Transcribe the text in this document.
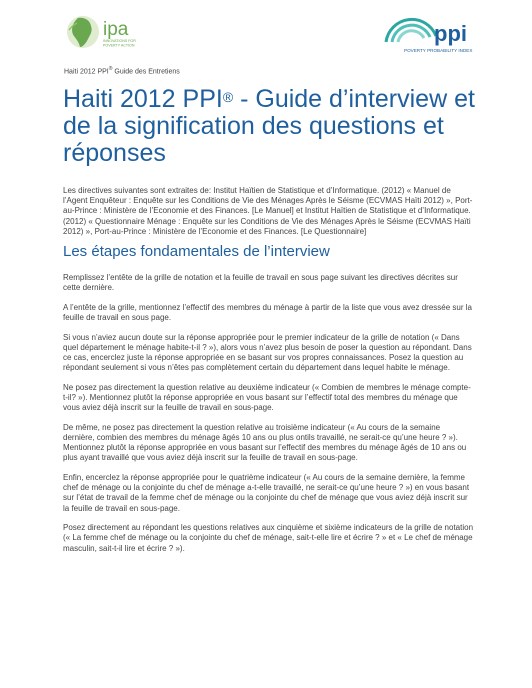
ipa
INNOVATIONS FOR
POVERTY ACTION	ppi
POVERTY PROBABILITY INDEX
Haiti 2012 PPI® Guide des Entretiens
Haiti 2012 PPI® - Guide d’interview et de la signification des questions et réponses

Les directives suivantes sont extraites de: Institut Haïtien de Statistique et d’Informatique. (2012) « Manuel de l’Agent Enquêteur : Enquête sur les Conditions de Vie des Ménages Après le Séisme (ECVMAS Haïti 2012) », Port-au-Prince : Ministère de l’Economie et des Finances. [Le Manuel] et Institut Haïtien de Statistique et d’Informatique. (2012) « Questionnaire Ménage : Enquête sur les Conditions de Vie des Ménages Après le Séisme (ECVMAS Haïti 2012) », Port-au-Prince : Ministère de l’Economie et des Finances. [Le Questionnaire]

Les étapes fondamentales de l’interview

Remplissez l’entête de la grille de notation et la feuille de travail en sous page suivant les directives décrites sur cette dernière.

A l’entête de la grille, mentionnez l’effectif des membres du ménage à partir de la liste que vous avez dressée sur la feuille de travail en sous page.

Si vous n’aviez aucun doute sur la réponse appropriée pour le premier indicateur de la grille de notation (« Dans quel département le ménage habite-t-il ? »), alors vous n’avez plus besoin de poser la question au répondant. Dans ce cas, encerclez juste la réponse appropriée en se basant sur vos propres connaissances. Posez la question au répondant seulement si vous n’êtes pas complètement certain du département dans lequel habite le ménage.

Ne posez pas directement la question relative au deuxième indicateur (« Combien de membres le ménage compte-t-il? »). Mentionnez plutôt la réponse appropriée en vous basant sur l’effectif total des membres du ménage que vous aviez déjà inscrit sur la feuille de travail en sous-page.

De même, ne posez pas directement la question relative au troisième indicateur (« Au cours de la semaine dernière, combien des membres du ménage âgés 10 ans ou plus ontils travaillé, ne serait-ce qu’une heure ? »). Mentionnez plutôt la réponse appropriée en vous basant sur l’effectif des membres du ménage âgés de 10 ans ou plus ayant travaillé que vous aviez déjà inscrit sur la feuille de travail en sous-page.

Enfin, encerclez la réponse appropriée pour le quatrième indicateur (« Au cours de la semaine dernière, la femme chef de ménage ou la conjointe du chef de ménage a-t-elle travaillé, ne serait-ce qu’une heure ? ») en vous basant sur l’état de travail de la femme chef de ménage ou la conjointe du chef de ménage que vous aviez déjà inscrit sur la feuille de travail en sous-page.

Posez directement au répondant les questions relatives aux cinquième et sixième indicateurs de la grille de notation (« La femme chef de ménage ou la conjointe du chef de ménage, sait-t-elle lire et écrire ? » et « Le chef de ménage masculin, sait-t-il lire et écrire ? »).
